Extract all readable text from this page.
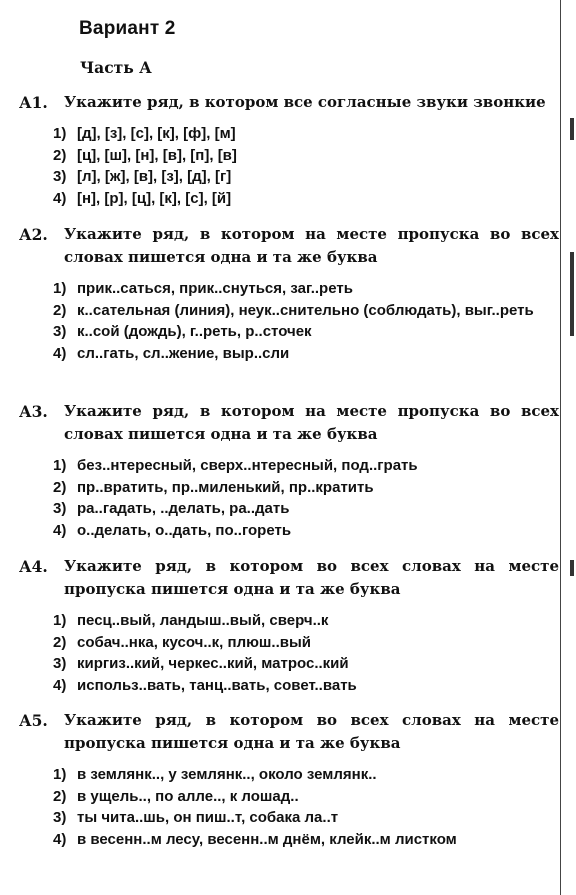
Вариант 2
Часть А
А1.	Укажите ряд, в котором все согласные звуки звонкие
1) [д], [з], [с], [к], [ф], [м]
2) [ц], [ш], [н], [в], [п], [в]
3) [л], [ж], [в], [з], [д], [г]
4) [н], [р], [ц], [к], [с], [й]
А2.	Укажите ряд, в котором на месте пропуска во всех словах пишется одна и та же буква
1) прик..саться, прик..снуться, заг..реть
2) к..сательная (линия), неук..снительно (соблюдать), выг..реть
3) к..сой (дождь), г..реть, р..сточек
4) сл..гать, сл..жение, выр..сли
А3.	Укажите ряд, в котором на месте пропуска во всех словах пишется одна и та же буква
1) без..нтересный, сверх..нтересный, под..грать
2) пр..вратить, пр..миленький, пр..кратить
3) ра..гадать, ..делать, ра..дать
4) о..делать, о..дать, по..гореть
А4.	Укажите ряд, в котором во всех словах на месте пропуска пишется одна и та же буква
1) песц..вый, ландыш..вый, сверч..к
2) собач..нка, кусоч..к, плюш..вый
3) киргиз..кий, черкес..кий, матрос..кий
4) использ..вать, танц..вать, совет..вать
А5.	Укажите ряд, в котором во всех словах на месте пропуска пишется одна и та же буква
1) в землянк.., у землянк.., около землянк..
2) в ущель.., по алле.., к лошад..
3) ты чита..шь, он пиш..т, собака ла..т
4) в весенн..м лесу, весенн..м днём, клейк..м листком
